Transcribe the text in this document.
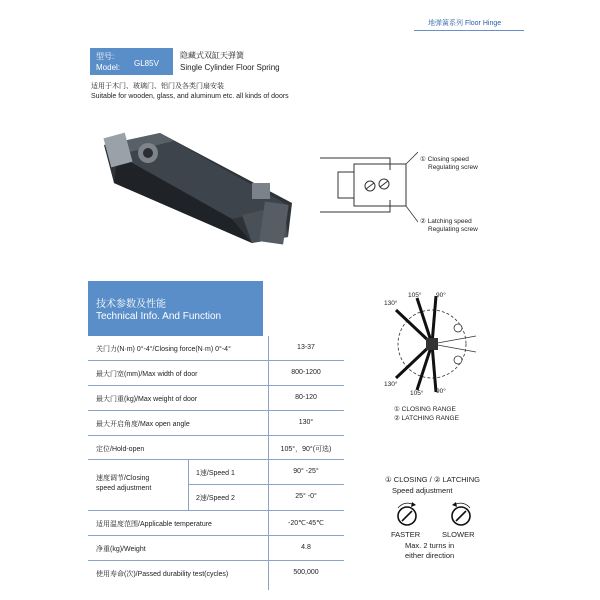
地弹簧系列 Floor Hinge
型号:
Model: GL85V
隐藏式双缸天弹簧
Single Cylinder Floor Spring
适用于木门、玻璃门、铝门及各类门扇安装
Suitable for wooden, glass, and aluminum etc. all kinds of doors
① Closing speed
Regulating screw
② Latching speed
Regulating screw
技术参数及性能
Technical Info. And Function
关门力(N·m) 0°-4°/Closing force(N·m) 0°-4°	13-37
最大门宽(mm)/Max width of door	800-1200
最大门重(kg)/Max weight of door	80-120
最大开启角度/Max open angle	130°
定位/Hold-open	105°，90°(可选)
速度调节/Closing
speed adjustment
1速/Speed 1	90° -25°
2速/Speed 2	25° -0°
适用温度范围/Applicable temperature	-20℃-45℃
净重(kg)/Weight	4.8
使用寿命(次)/Passed durability test(cycles)	500,000
105° 90°
130°
130°
105° 90°
① CLOSING RANGE
② LATCHING RANGE
① CLOSING / ② LATCHING
Speed adjustment
FASTER	SLOWER
Max. 2 turns in
either direction
